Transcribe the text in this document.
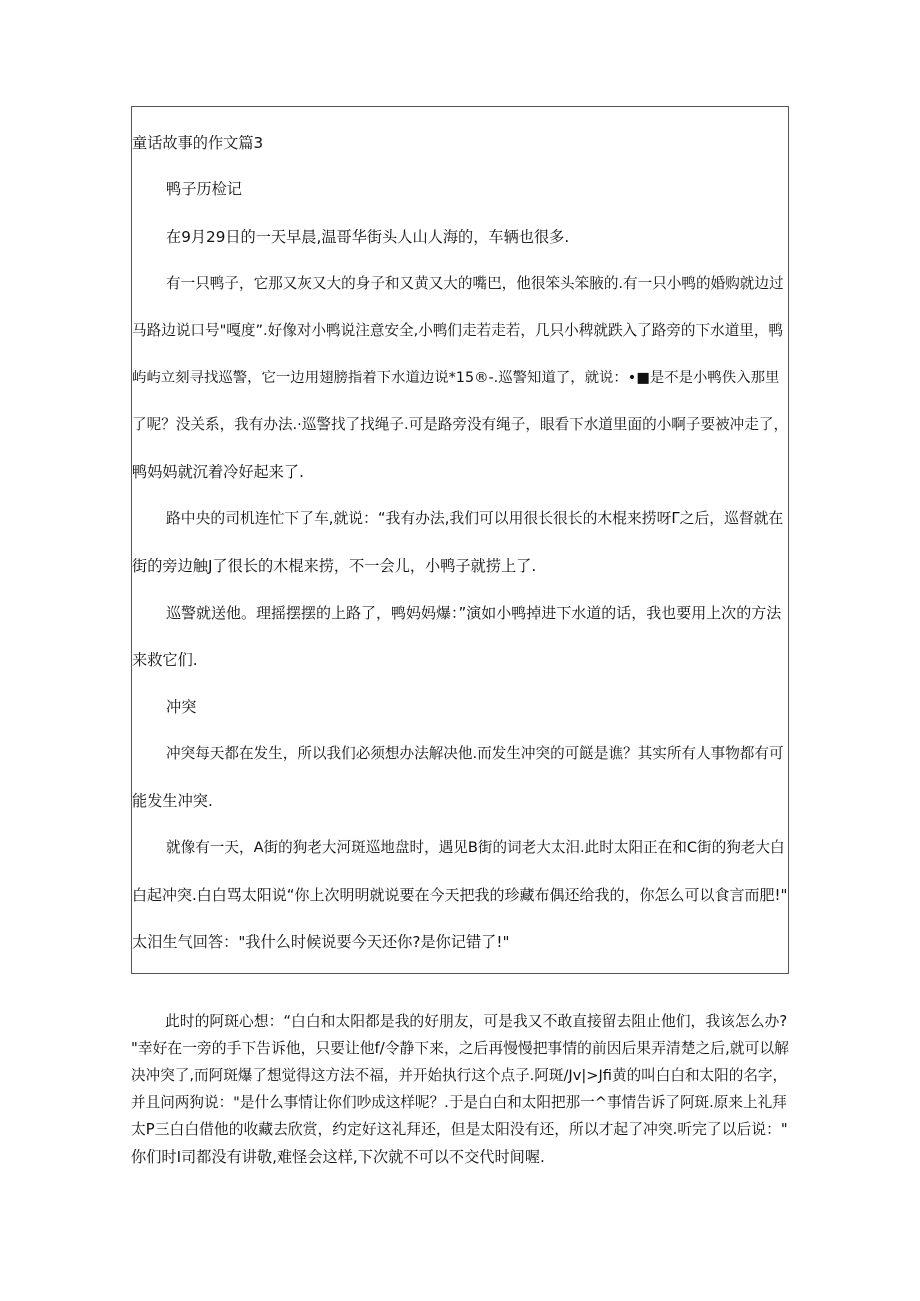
童话故事的作文篇3
鸭子历检记
在9月29日的一天早晨,温哥华街头人山人海的，车辆也很多.
有一只鸭子，它那又灰又大的身子和又黄又大的嘴巴，他很笨头笨腋的.有一只小鸭的婚购就边过
马路边说口号"嘎度”.好像对小鸭说注意安全,小鸭们走若走若，几只小稗就跌入了路旁的下水道里，鸭
屿屿立刻寻找巡警，它一边用翅膀指着下水道边说*15®-.巡警知道了，就说：•■是不是小鸭佚入那里
了呢？没关系，我有办法.·巡警找了找绳子.可是路旁没有绳子，眼看下水道里面的小啊子要被冲走了，
鸭妈妈就沉着冷好起来了.
路中央的司机连忙下了车,就说：“我有办法,我们可以用很长很长的木棍来捞呀Γ之后，巡督就在
街的旁边触J了很长的木棍来捞，不一会儿，小鸭子就捞上了.
巡警就送他。理摇摆摆的上路了，鸭妈妈爆：”演如小鸭掉进下水道的话，我也要用上次的方法
来救它们.
冲突
冲突每天都在发生，所以我们必须想办法解决他.而发生冲突的可餸是谯？其实所有人事物都有可
能发生冲突.
就像有一天，A街的狗老大河斑巡地盘时，遇见B街的词老大太汨.此时太阳正在和C街的狗老大白
白起冲突.白白骂太阳说“你上次明明就说要在今天把我的珍藏布偶还给我的，你怎么可以食言而肥!"
太汨生气回答："我什么时候说要今天还你?是你记错了!"
此时的阿斑心想：“白白和太阳都是我的好朋友，可是我又不敢直接留去阻止他们，我该怎么办?
"幸好在一旁的手下告诉他，只要让他f/令静下来，之后再慢慢把事情的前因后果弄清楚之后,就可以解
决冲突了,而阿斑爆了想觉得这方法不福，并开始执行这个点子.阿斑/Jv|>Jfi黄的叫白白和太阳的名字，
并且问两狗说："是什么事情让你们吵成这样呢？.于是白白和太阳把那一^事情告诉了阿斑.原来上礼拜
太P三白白借他的收藏去欣赏，约定好这礼拜还，但是太阳没有还，所以才起了冲突.听完了以后说："
你们时Ι司都没有讲敬,难怪会这样,下次就不可以不交代时间喔.
